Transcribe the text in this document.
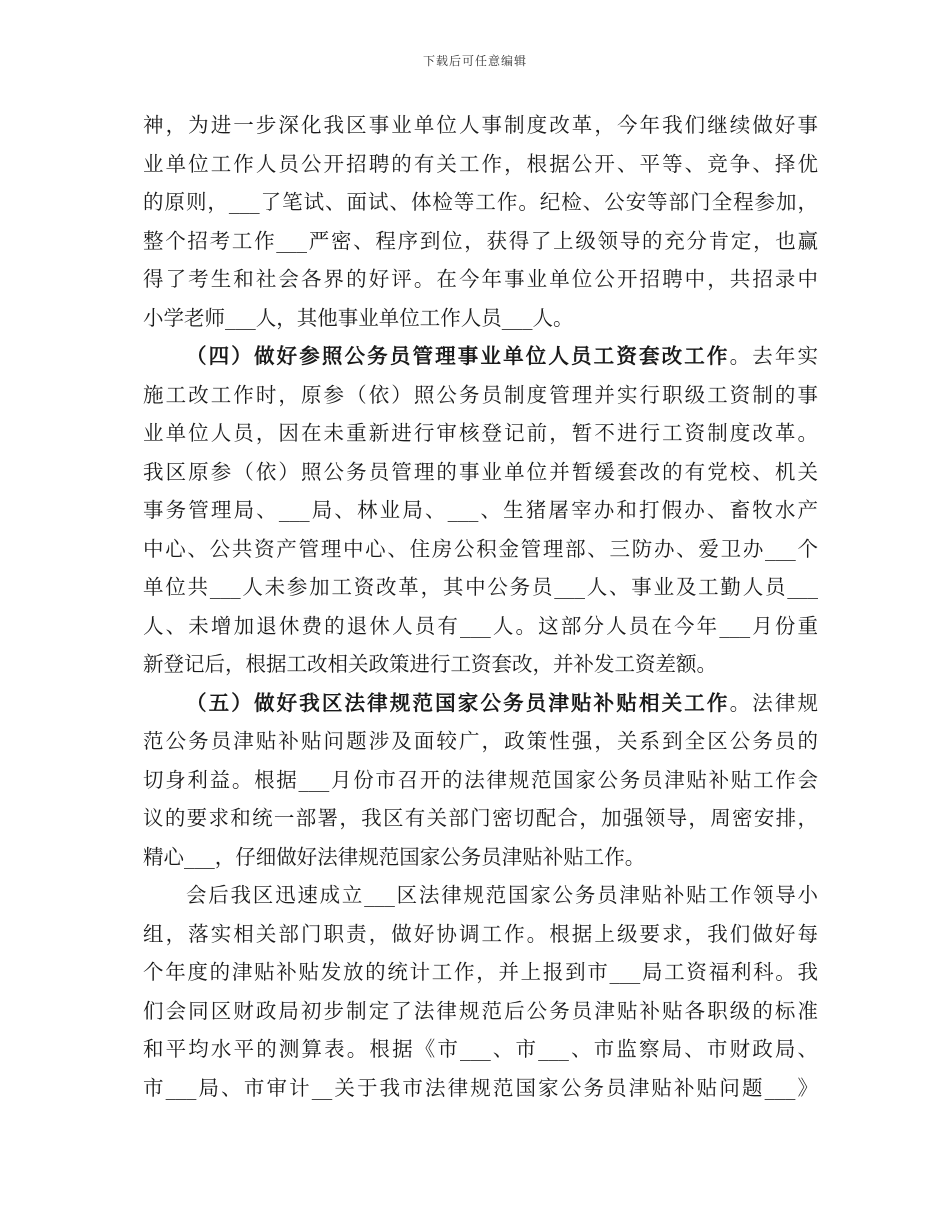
下载后可任意编辑
神，为进一步深化我区事业单位人事制度改革，今年我们继续做好事
业单位工作人员公开招聘的有关工作，根据公开、平等、竞争、择优
的原则，___了笔试、面试、体检等工作。纪检、公安等部门全程参加，
整个招考工作___严密、程序到位，获得了上级领导的充分肯定，也赢
得了考生和社会各界的好评。在今年事业单位公开招聘中，共招录中
小学老师___人，其他事业单位工作人员___人。
（四）做好参照公务员管理事业单位人员工资套改工作。去年实
施工改工作时，原参（依）照公务员制度管理并实行职级工资制的事
业单位人员，因在未重新进行审核登记前，暂不进行工资制度改革。
我区原参（依）照公务员管理的事业单位并暂缓套改的有党校、机关
事务管理局、___局、林业局、___、生猪屠宰办和打假办、畜牧水产
中心、公共资产管理中心、住房公积金管理部、三防办、爱卫办___个
单位共___人未参加工资改革，其中公务员___人、事业及工勤人员___
人、未增加退休费的退休人员有___人。这部分人员在今年___月份重
新登记后，根据工改相关政策进行工资套改，并补发工资差额。
（五）做好我区法律规范国家公务员津贴补贴相关工作。法律规
范公务员津贴补贴问题涉及面较广，政策性强，关系到全区公务员的
切身利益。根据___月份市召开的法律规范国家公务员津贴补贴工作会
议的要求和统一部署，我区有关部门密切配合，加强领导，周密安排，
精心___，仔细做好法律规范国家公务员津贴补贴工作。
会后我区迅速成立___区法律规范国家公务员津贴补贴工作领导小
组，落实相关部门职责，做好协调工作。根据上级要求，我们做好每
个年度的津贴补贴发放的统计工作，并上报到市___局工资福利科。我
们会同区财政局初步制定了法律规范后公务员津贴补贴各职级的标准
和平均水平的测算表。根据《市___、市___、市监察局、市财政局、
市___局、市审计__关于我市法律规范国家公务员津贴补贴问题___》
